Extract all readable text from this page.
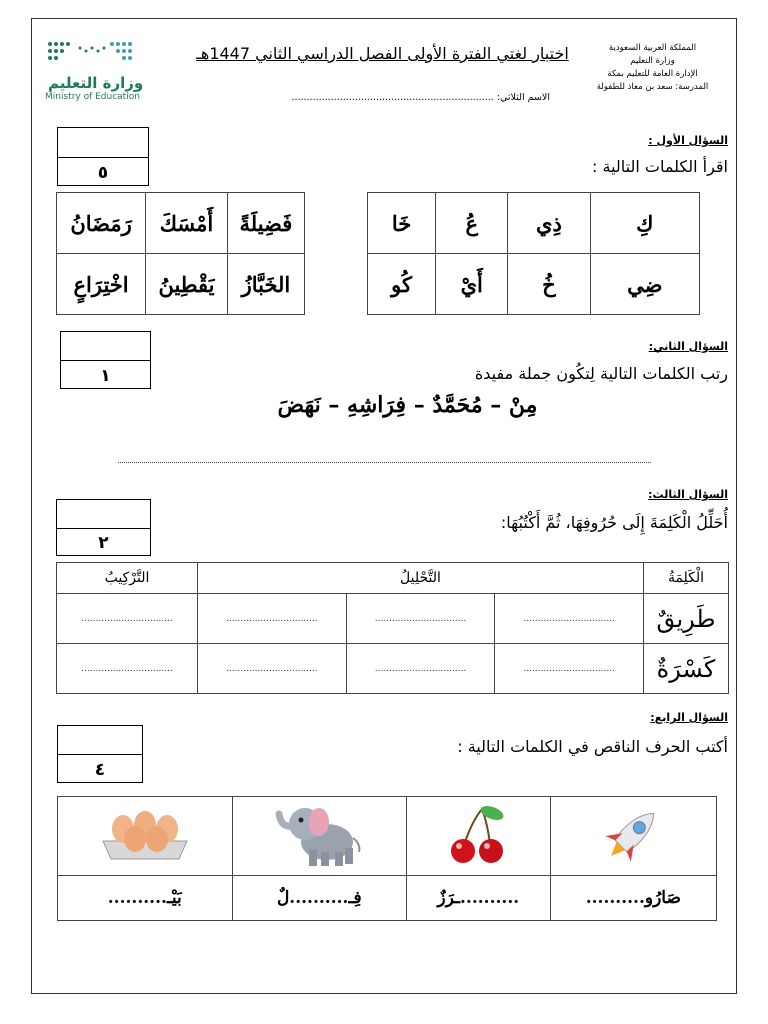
وزارة التعليم
Ministry of Education
اختبار لغتي الفترة الأولى الفصل الدراسي الثاني 1447هـ	المملكة العربية السعودية
وزارة التعليم
الإدارة العامة للتعليم بمكة
المدرسة: سعد بن معاذ للطفولة
الاسم الثلاثي: ...................................................................
٥
السؤال الأول :
اقرأ الكلمات التالية :
فَضِيلَةً	أَمْسَكَ	رَمَضَانُ
الخَبَّازُ	يَقْطِينُ	اخْتِرَاعٍ
كِ	ذِي	عُ	خَا
ضِي	خُ	أَيْ	كُو
١
السؤال الثاني:
رتب الكلمات التالية لِتكُون جملة مفيدة
مِنْ – مُحَمَّدٌ – فِرَاشِهِ – نَهَضَ
٢
السؤال الثالث:
أُحَلِّلُ الْكَلِمَةَ إِلَى حُرُوفِهَا، ثُمَّ أَكْتُبُهَا:
الْكَلِمَةُ	التَّحْلِيلُ			التَّرْكِيبُ
طَرِيقٌ	................................	................................	................................	................................
كَسْرَةٌ	................................	................................	................................	................................
٤
السؤال الرابع:
أكتب الحرف الناقص في الكلمات التالية :

صَارُو..........	..........ـرَزٌ	فِـ..........لٌ	بَيْـ..........
